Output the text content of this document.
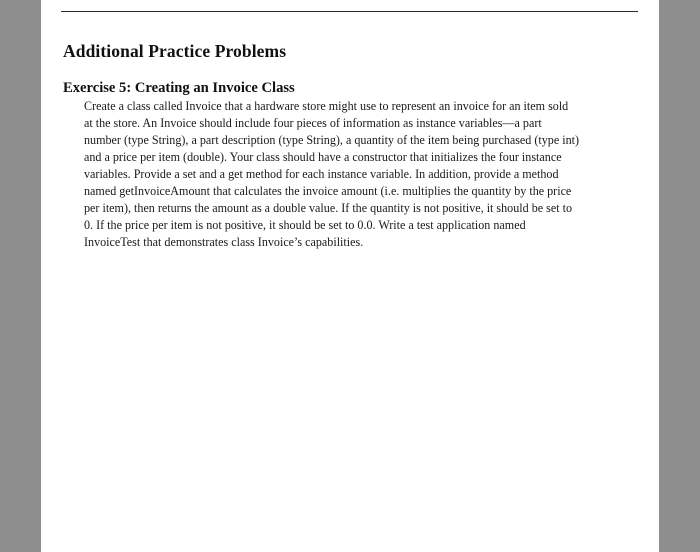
Additional Practice Problems
Exercise 5: Creating an Invoice Class

Create a class called Invoice that a hardware store might use to represent an invoice for an item sold
at the store. An Invoice should include four pieces of information as instance variables—a part
number (type String), a part description (type String), a quantity of the item being purchased (type int)
and a price per item (double). Your class should have a constructor that initializes the four instance
variables. Provide a set and a get method for each instance variable. In addition, provide a method
named getInvoiceAmount that calculates the invoice amount (i.e. multiplies the quantity by the price
per item), then returns the amount as a double value. If the quantity is not positive, it should be set to
0. If the price per item is not positive, it should be set to 0.0. Write a test application named
InvoiceTest that demonstrates class Invoice’s capabilities.
